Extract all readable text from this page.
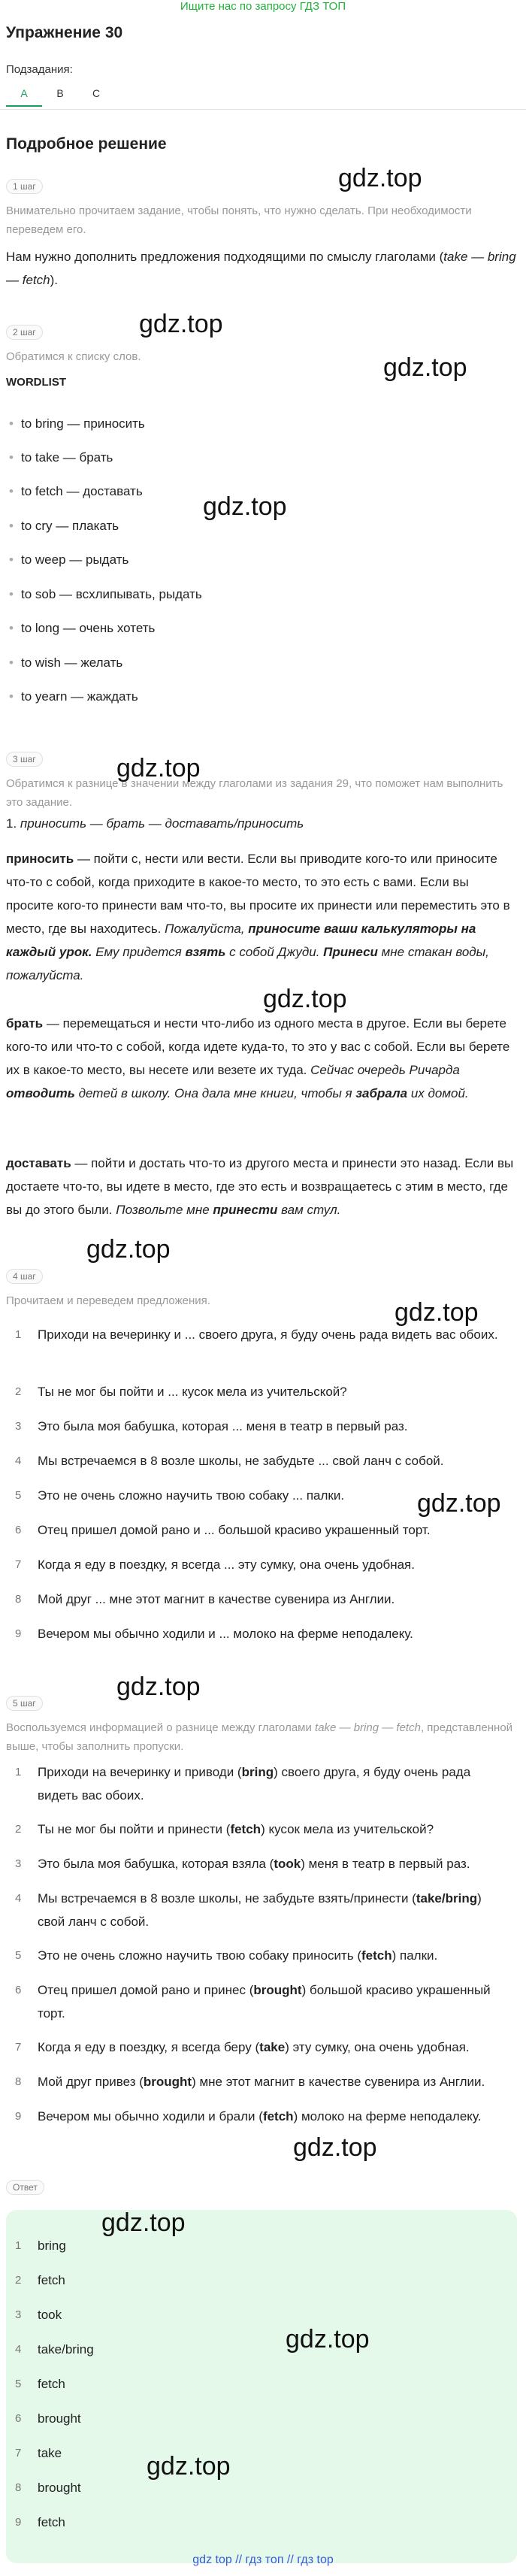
Ищите нас по запросу ГДЗ ТОП
Упражнение 30
Подзадания:
A	B	C
Подробное решение
1 шаг
Внимательно прочитаем задание, чтобы понять, что нужно сделать. При необходимости переведем его.
Нам нужно дополнить предложения подходящими по смыслу глаголами (take — bring — fetch).
2 шаг
Обратимся к списку слов.
WORDLIST
• to bring — приносить
• to take — брать
• to fetch — доставать
• to cry — плакать
• to weep — рыдать
• to sob — всхлипывать, рыдать
• to long — очень хотеть
• to wish — желать
• to yearn — жаждать
3 шаг
Обратимся к разнице в значении между глаголами из задания 29, что поможет нам выполнить это задание.
1. приносить — брать — доставать/приносить
приносить — пойти с, нести или вести. Если вы приводите кого-то или приносите что-то с собой, когда приходите в какое-то место, то это есть с вами. Если вы просите кого-то принести вам что-то, вы просите их принести или переместить это в место, где вы находитесь. Пожалуйста, приносите ваши калькуляторы на каждый урок. Ему придется взять с собой Джуди. Принеси мне стакан воды, пожалуйста.
брать — перемещаться и нести что-либо из одного места в другое. Если вы берете кого-то или что-то с собой, когда идете куда-то, то это у вас с собой. Если вы берете их в какое-то место, вы несете или везете их туда. Сейчас очередь Ричарда отводить детей в школу. Она дала мне книги, чтобы я забрала их домой.
доставать — пойти и достать что-то из другого места и принести это назад. Если вы достаете что-то, вы идете в место, где это есть и возвращаетесь с этим в место, где вы до этого были. Позвольте мне принести вам стул.
4 шаг
Прочитаем и переведем предложения.
1 Приходи на вечеринку и ... своего друга, я буду очень рада видеть вас обоих.
2 Ты не мог бы пойти и ... кусок мела из учительской?
3 Это была моя бабушка, которая ... меня в театр в первый раз.
4 Мы встречаемся в 8 возле школы, не забудьте ... свой ланч с собой.
5 Это не очень сложно научить твою собаку ... палки.
6 Отец пришел домой рано и ... большой красиво украшенный торт.
7 Когда я еду в поездку, я всегда ... эту сумку, она очень удобная.
8 Мой друг ... мне этот магнит в качестве сувенира из Англии.
9 Вечером мы обычно ходили и ... молоко на ферме неподалеку.
5 шаг
Воспользуемся информацией о разнице между глаголами take — bring — fetch, представленной выше, чтобы заполнить пропуски.
1 Приходи на вечеринку и приводи (bring) своего друга, я буду очень рада видеть вас обоих.
2 Ты не мог бы пойти и принести (fetch) кусок мела из учительской?
3 Это была моя бабушка, которая взяла (took) меня в театр в первый раз.
4 Мы встречаемся в 8 возле школы, не забудьте взять/принести (take/bring) свой ланч с собой.
5 Это не очень сложно научить твою собаку приносить (fetch) палки.
6 Отец пришел домой рано и принес (brought) большой красиво украшенный торт.
7 Когда я еду в поездку, я всегда беру (take) эту сумку, она очень удобная.
8 Мой друг привез (brought) мне этот магнит в качестве сувенира из Англии.
9 Вечером мы обычно ходили и брали (fetch) молоко на ферме неподалеку.
Ответ
1 bring
2 fetch
3 took
4 take/bring
5 fetch
6 brought
7 take
8 brought
9 fetch
gdz.top
gdz.top
gdz.top
gdz.top
gdz.top
gdz.top
gdz.top
gdz.top
gdz.top
gdz.top
gdz.top
gdz.top
gdz.top
gdz.top
gdz top // гдз топ // гдз top
